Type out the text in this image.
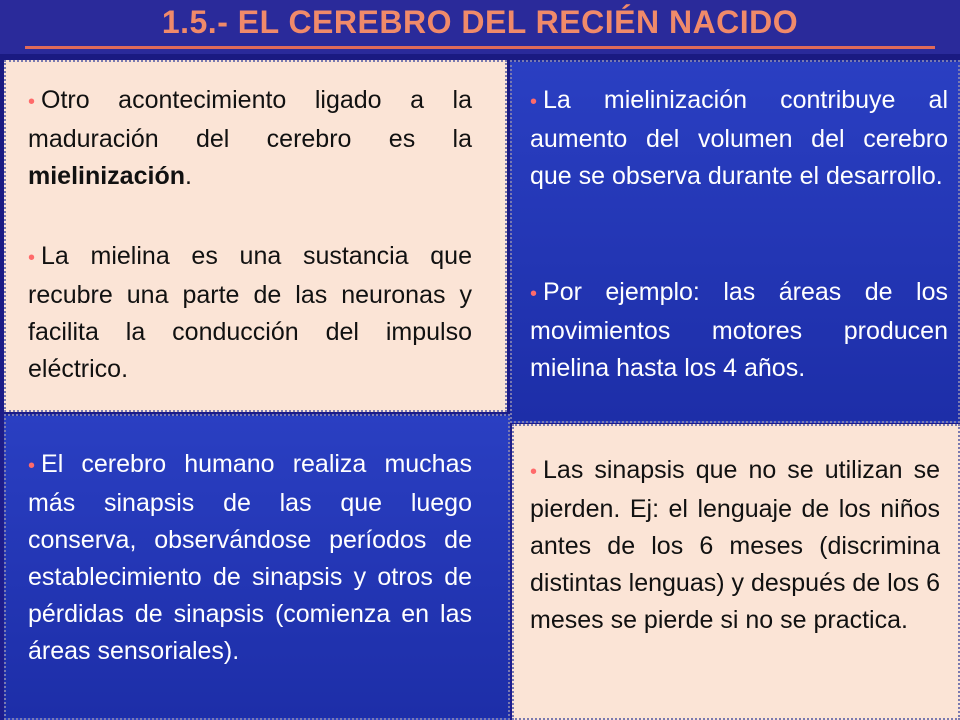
1.5.- EL CEREBRO DEL RECIÉN NACIDO
• Otro acontecimiento ligado a la maduración del cerebro es la mielinización.
• La mielina es una sustancia que recubre una parte de las neuronas y facilita la conducción del impulso eléctrico.
• La mielinización contribuye al aumento del volumen del cerebro que se observa durante el desarrollo.
• Por ejemplo: las áreas de los movimientos motores producen mielina hasta los 4 años.
• El cerebro humano realiza muchas más sinapsis de las que luego conserva, observándose períodos de establecimiento de sinapsis y otros de pérdidas de sinapsis (comienza en las áreas sensoriales).
• Las sinapsis que no se utilizan se pierden. Ej: el lenguaje de los niños antes de los 6 meses (discrimina distintas lenguas) y después de los 6 meses se pierde si no se practica.
